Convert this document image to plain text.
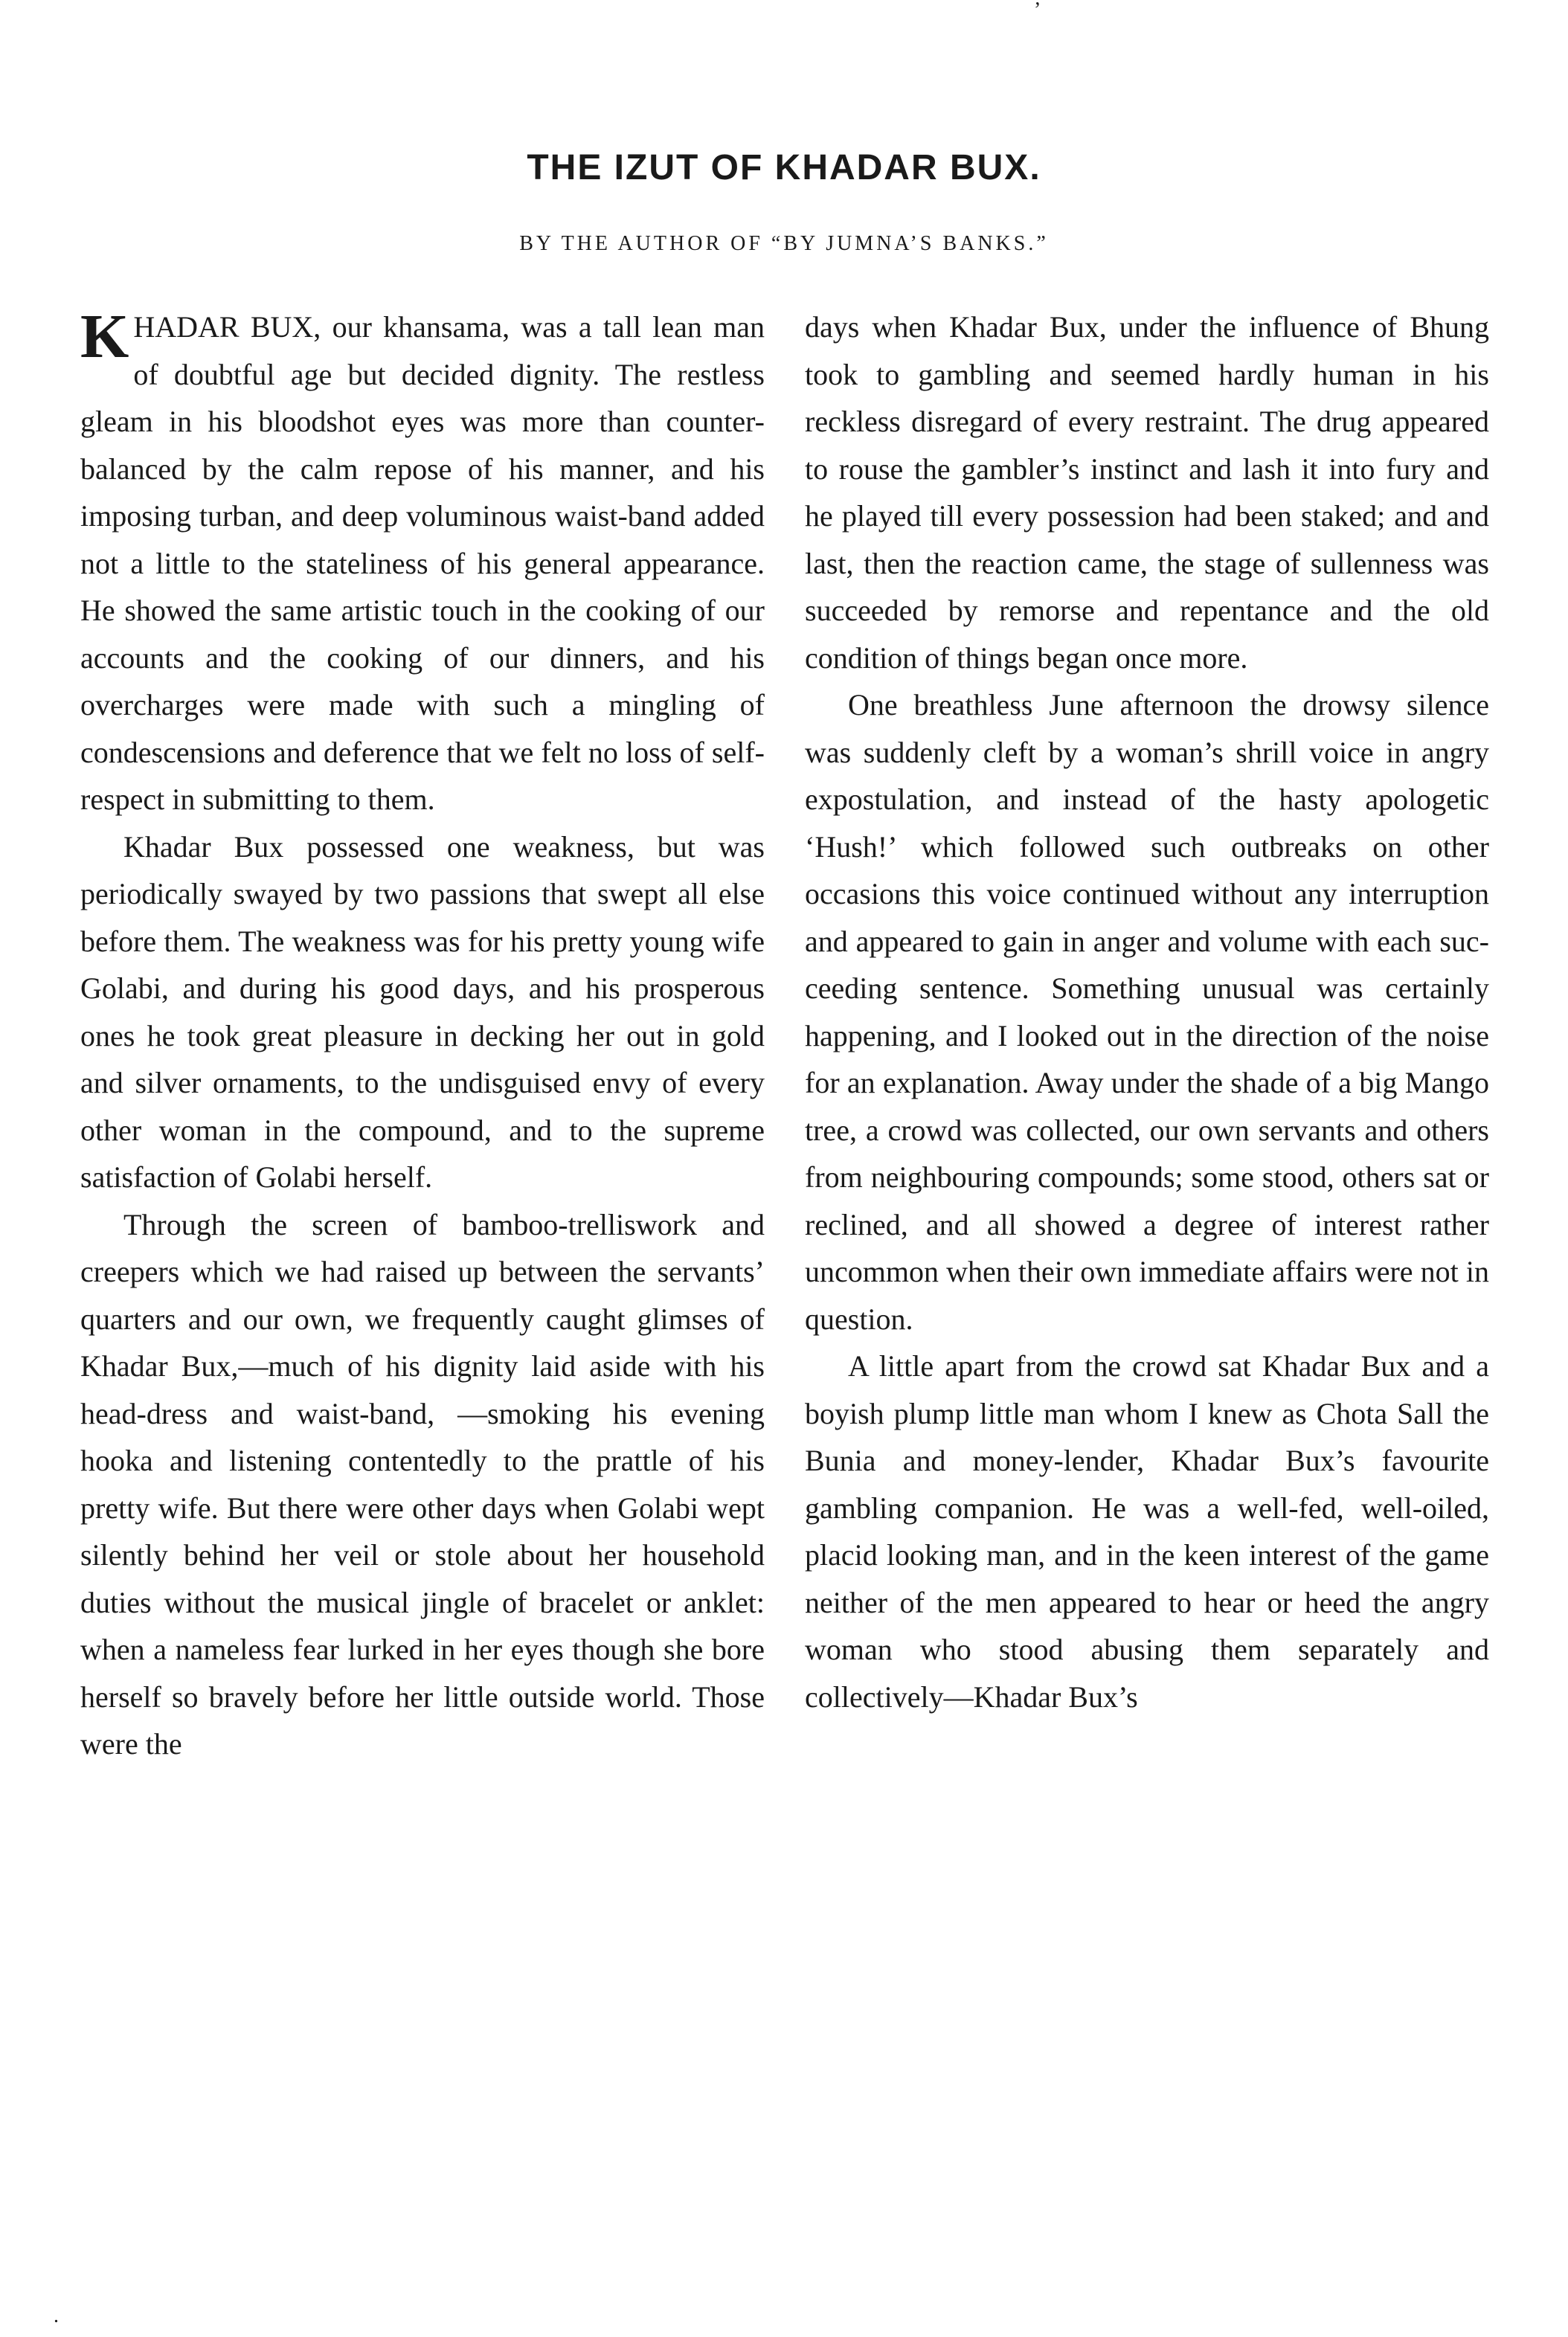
’
THE IZUT OF KHADAR BUX.
BY THE AUTHOR OF “BY JUMNA’S BANKS.”

KHADAR BUX, our khansama, was a tall lean man of doubtful age but decided dignity. The restless gleam in his bloodshot eyes was more than counter-balanced by the calm repose of his manner, and his imposing turban, and deep voluminous waist-band added not a little to the stateliness of his general appearance. He showed the same artistic touch in the cooking of our accounts and the cooking of our dinners, and his overcharges were made with such a mingling of condescensions and deference that we felt no loss of self-respect in submitting to them.

Khadar Bux possessed one weakness, but was periodically swayed by two passions that swept all else before them. The weakness was for his pretty young wife Golabi, and during his good days, and his prosperous ones he took great pleasure in decking her out in gold and silver ornaments, to the undisguised envy of every other woman in the compound, and to the supreme satisfaction of Golabi herself.

Through the screen of bamboo-trelliswork and creepers which we had raised up between the servants’ quarters and our own, we frequently caught glimses of Khadar Bux,—much of his dignity laid aside with his head-dress and waist-band, —smoking his evening hooka and listening contentedly to the prattle of his pretty wife. But there were other days when Golabi wept silently behind her veil or stole about her household duties without the musical jingle of bracelet or anklet: when a nameless fear lurked in her eyes though she bore herself so bravely before her little outside world. Those were the

days when Khadar Bux, under the influence of Bhung took to gambling and seemed hardly human in his reckless disregard of every restraint. The drug appeared to rouse the gambler’s instinct and lash it into fury and he played till every possession had been staked; and and last, then the reaction came, the stage of sullenness was succeeded by remorse and repentance and the old condition of things began once more.

One breathless June afternoon the drowsy silence was suddenly cleft by a woman’s shrill voice in angry expostulation, and instead of the hasty apologetic ‘Hush!’ which followed such outbreaks on other occasions this voice continued without any interruption and appeared to gain in anger and volume with each succeeding sentence. Something unusual was certainly happening, and I looked out in the direction of the noise for an explanation. Away under the shade of a big Mango tree, a crowd was collected, our own servants and others from neighbouring compounds; some stood, others sat or reclined, and all showed a degree of interest rather uncommon when their own immediate affairs were not in question.

A little apart from the crowd sat Khadar Bux and a boyish plump little man whom I knew as Chota Sall the Bunia and money-lender, Khadar Bux’s favourite gambling companion. He was a well-fed, well-oiled, placid looking man, and in the keen interest of the game neither of the men appeared to hear or heed the angry woman who stood abusing them separately and collectively—Khadar Bux’s

.
